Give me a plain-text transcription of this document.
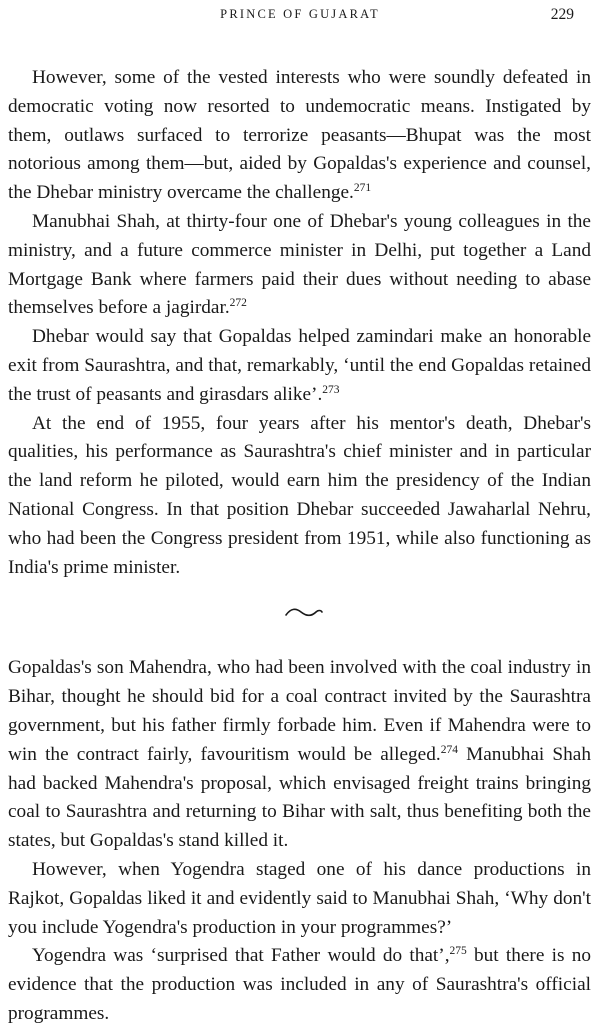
PRINCE OF GUJARAT	229

However, some of the vested interests who were soundly defeated in democratic voting now resorted to undemocratic means. Instigated by them, outlaws surfaced to terrorize peasants—Bhupat was the most notorious among them—but, aided by Gopaldas's experience and counsel, the Dhebar ministry overcame the challenge.$^{271}$

Manubhai Shah, at thirty-four one of Dhebar's young colleagues in the ministry, and a future commerce minister in Delhi, put together a Land Mortgage Bank where farmers paid their dues without needing to abase themselves before a jagirdar.$^{272}$

Dhebar would say that Gopaldas helped zamindari make an honorable exit from Saurashtra, and that, remarkably, ‘until the end Gopaldas retained the trust of peasants and girasdars alike’.$^{273}$

At the end of 1955, four years after his mentor's death, Dhebar's qualities, his performance as Saurashtra's chief minister and in particular the land reform he piloted, would earn him the presidency of the Indian National Congress. In that position Dhebar succeeded Jawaharlal Nehru, who had been the Congress president from 1951, while also functioning as India's prime minister.

Gopaldas's son Mahendra, who had been involved with the coal industry in Bihar, thought he should bid for a coal contract invited by the Saurashtra government, but his father firmly forbade him. Even if Mahendra were to win the contract fairly, favouritism would be alleged.$^{274}$ Manubhai Shah had backed Mahendra's proposal, which envisaged freight trains bringing coal to Saurashtra and returning to Bihar with salt, thus benefiting both the states, but Gopaldas's stand killed it.

However, when Yogendra staged one of his dance productions in Rajkot, Gopaldas liked it and evidently said to Manubhai Shah, ‘Why don't you include Yogendra's production in your programmes?’

Yogendra was ‘surprised that Father would do that’,$^{275}$ but there is no evidence that the production was included in any of Saurashtra's official programmes.
